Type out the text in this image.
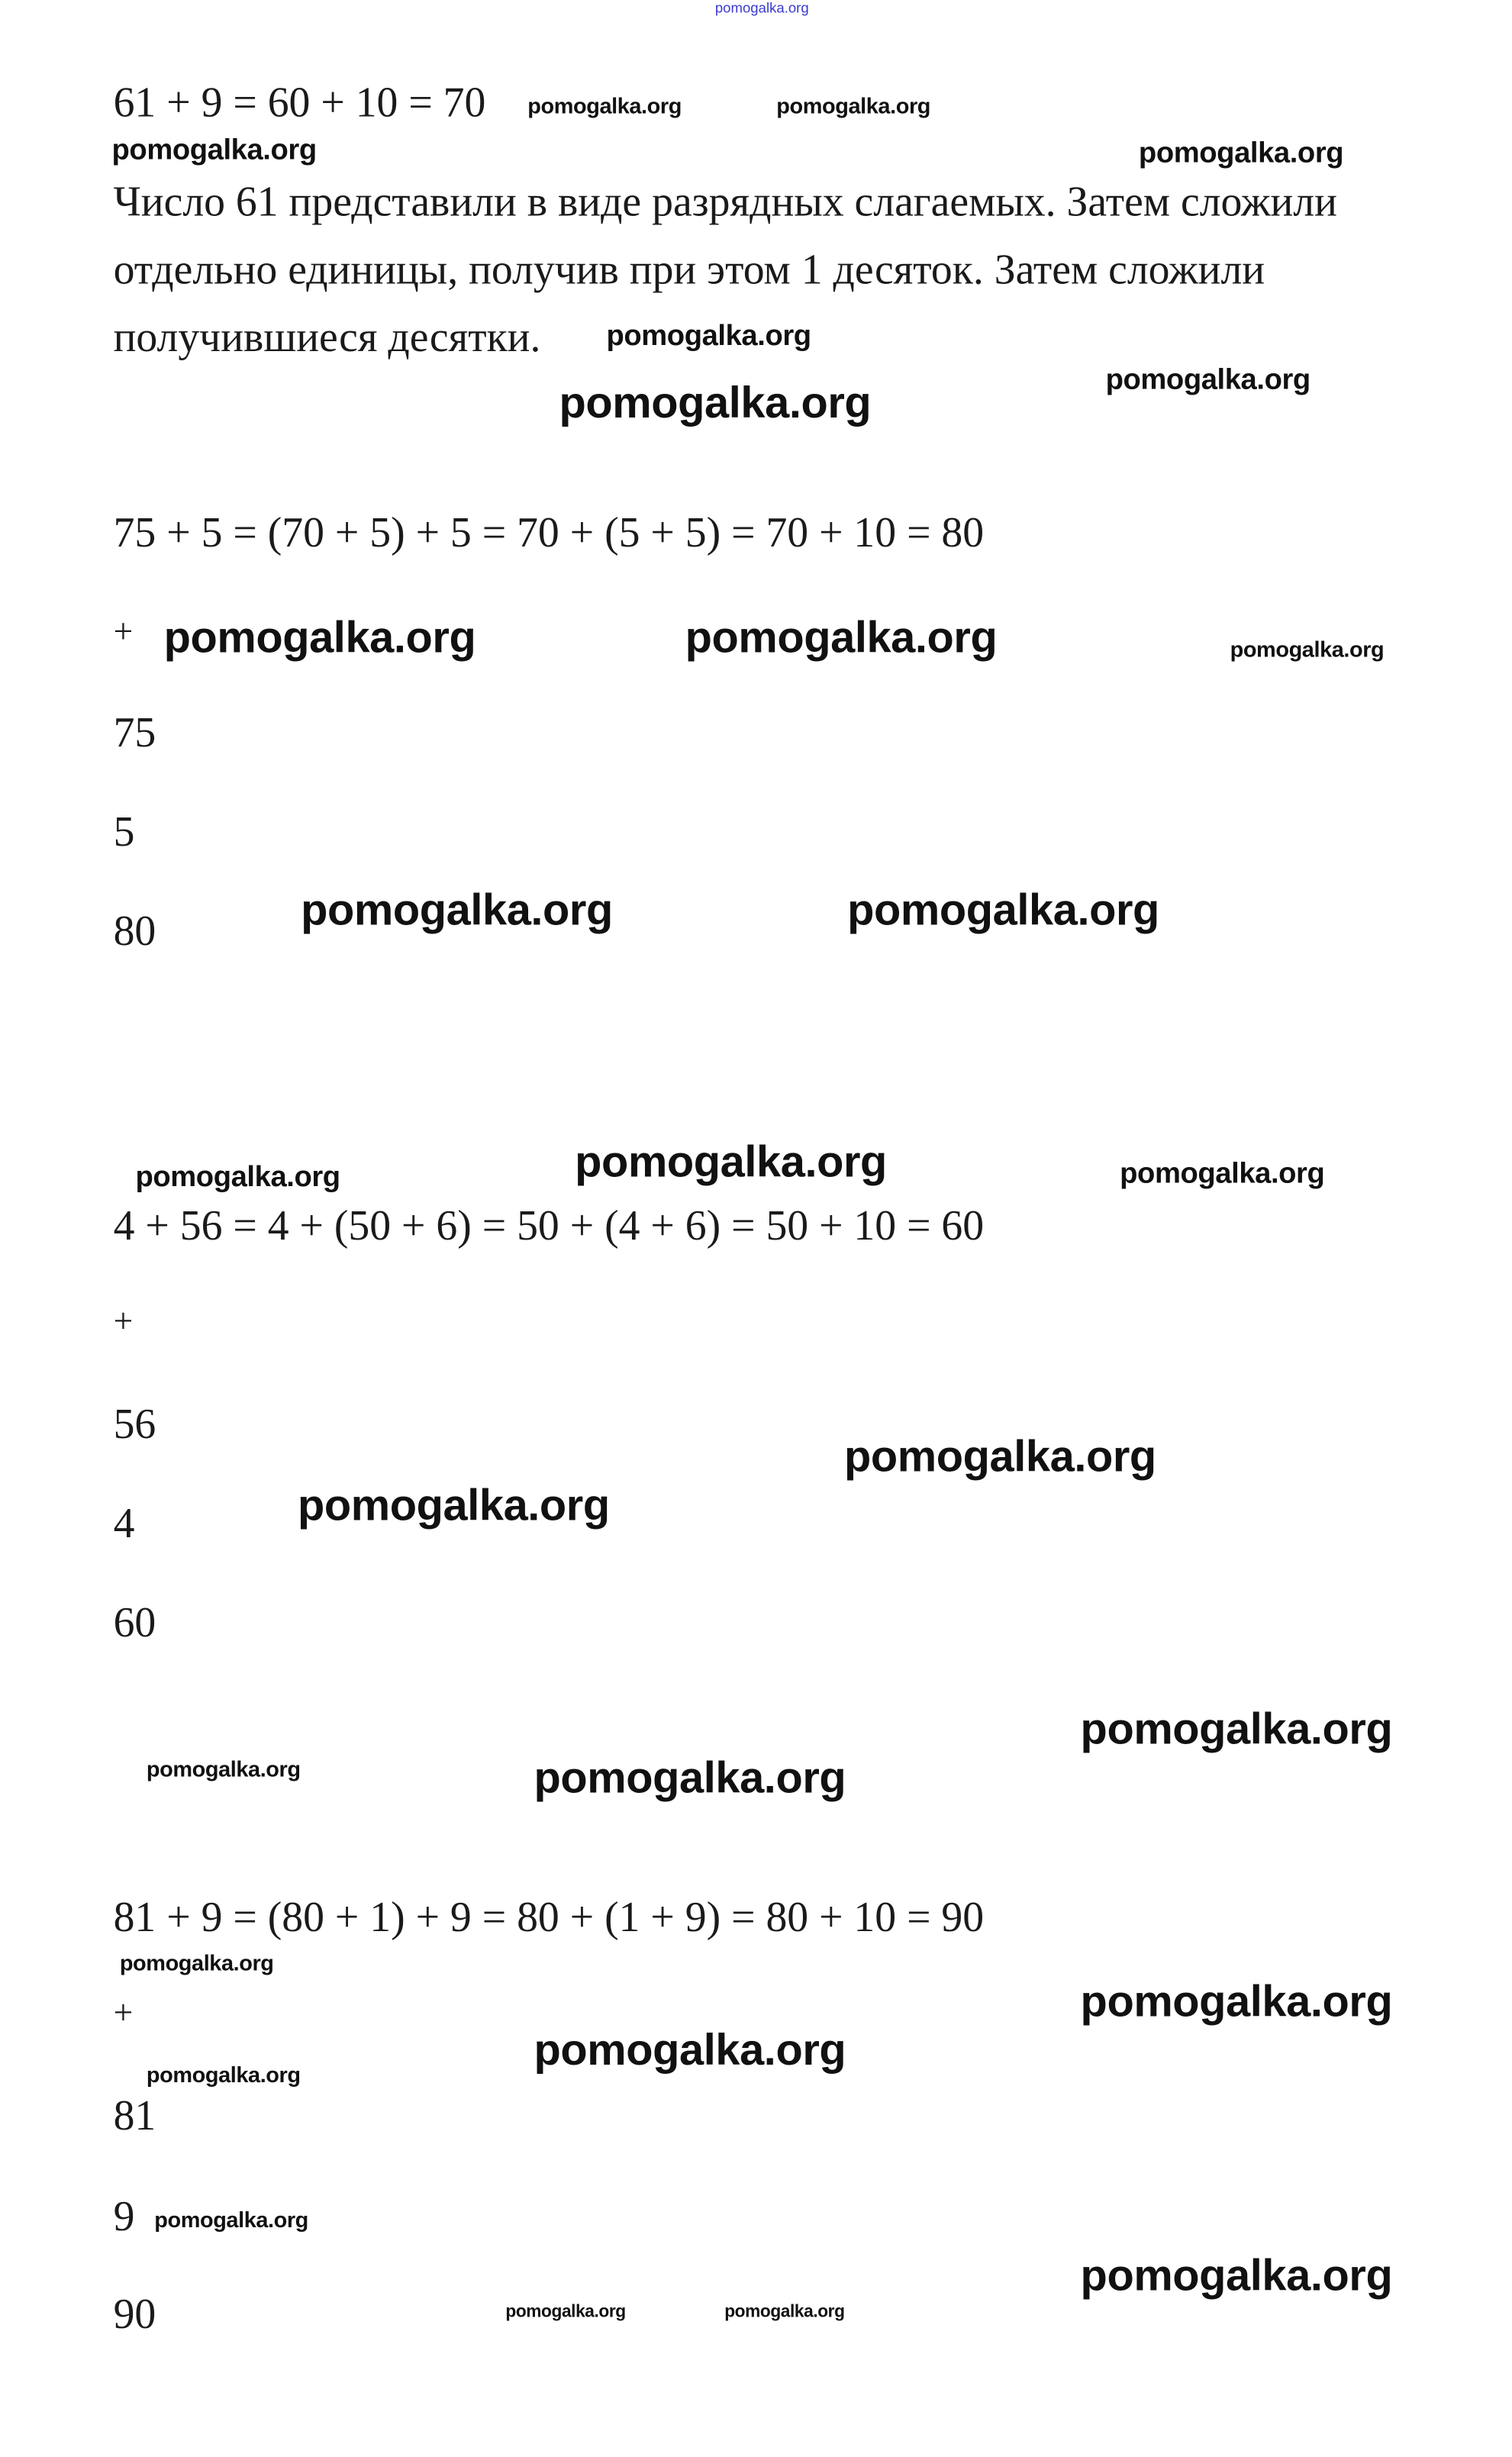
pomogalka.org
61 + 9 = 60 + 10 = 70
Число 61 представили в виде разрядных слагаемых. Затем сложили
отдельно единицы, получив при этом 1 десяток. Затем сложили
получившиеся десятки.
75 + 5 = (70 + 5) + 5 = 70 + (5 + 5) = 70 + 10 = 80
+
75
5
80
4 + 56 = 4 + (50 + 6) = 50 + (4 + 6) = 50 + 10 = 60
+
56
4
60
81 + 9 = (80 + 1) + 9 = 80 + (1 + 9) = 80 + 10 = 90
+
81
9
90
pomogalka.org	pomogalka.org
pomogalka.org	pomogalka.org
pomogalka.org
pomogalka.org	pomogalka.org
pomogalka.org	pomogalka.org	pomogalka.org
pomogalka.org	pomogalka.org
pomogalka.org	pomogalka.org	pomogalka.org
pomogalka.org
pomogalka.org
pomogalka.org
pomogalka.org	pomogalka.org
pomogalka.org
pomogalka.org
pomogalka.org
pomogalka.org
pomogalka.org
pomogalka.org
pomogalka.org	pomogalka.org
